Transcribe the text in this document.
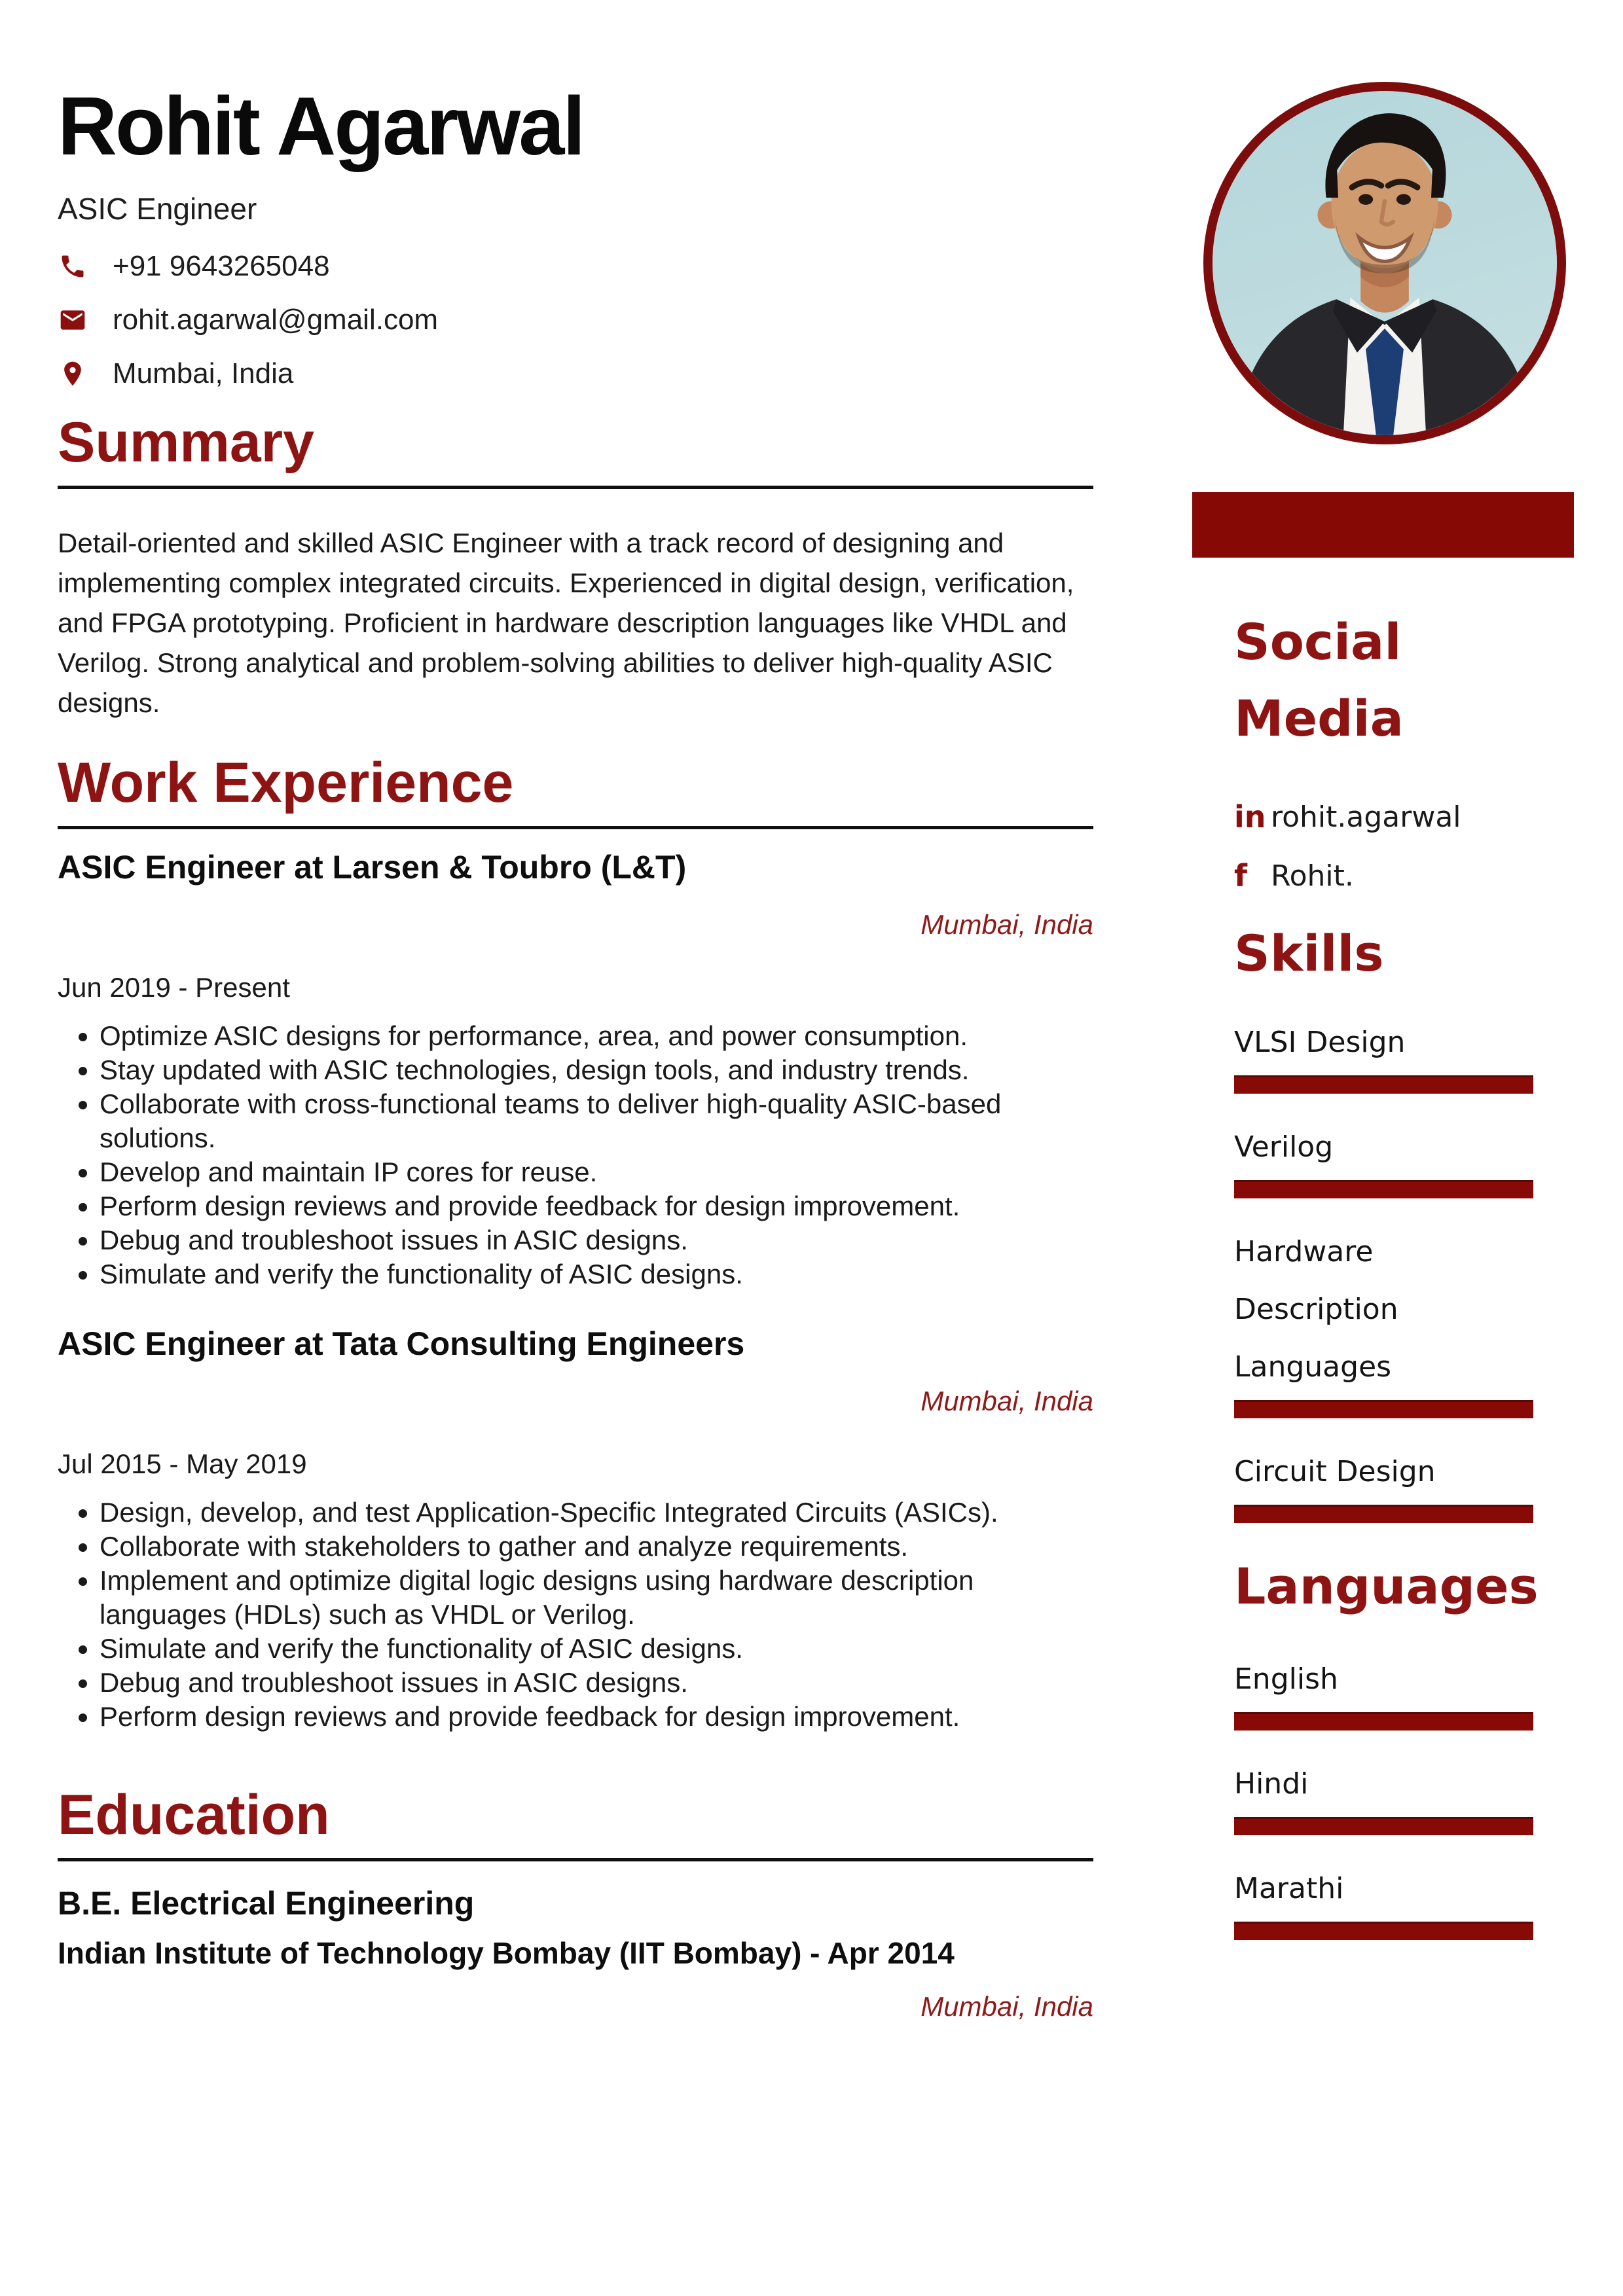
Rohit Agarwal
ASIC Engineer
+91 9643265048
rohit.agarwal@gmail.com
Mumbai, India
Summary

Detail-oriented and skilled ASIC Engineer with a track record of designing and implementing complex integrated circuits. Experienced in digital design, verification, and FPGA prototyping. Proficient in hardware description languages like VHDL and Verilog. Strong analytical and problem-solving abilities to deliver high-quality ASIC designs.

Work Experience
ASIC Engineer at Larsen & Toubro (L&T)
Mumbai, India
Jun 2019 - Present
• Optimize ASIC designs for performance, area, and power consumption.
• Stay updated with ASIC technologies, design tools, and industry trends.
• Collaborate with cross-functional teams to deliver high-quality ASIC-based solutions.
• Develop and maintain IP cores for reuse.
• Perform design reviews and provide feedback for design improvement.
• Debug and troubleshoot issues in ASIC designs.
• Simulate and verify the functionality of ASIC designs.
ASIC Engineer at Tata Consulting Engineers
Mumbai, India
Jul 2015 - May 2019
• Design, develop, and test Application-Specific Integrated Circuits (ASICs).
• Collaborate with stakeholders to gather and analyze requirements.
• Implement and optimize digital logic designs using hardware description languages (HDLs) such as VHDL or Verilog.
• Simulate and verify the functionality of ASIC designs.
• Debug and troubleshoot issues in ASIC designs.
• Perform design reviews and provide feedback for design improvement.
Education
B.E. Electrical Engineering
Indian Institute of Technology Bombay (IIT Bombay) - Apr 2014
Mumbai, India
Social Media
in rohit.agarwal
f Rohit.
Skills
VLSI Design
Verilog
Hardware Description Languages
Circuit Design
Languages
English
Hindi
Marathi
